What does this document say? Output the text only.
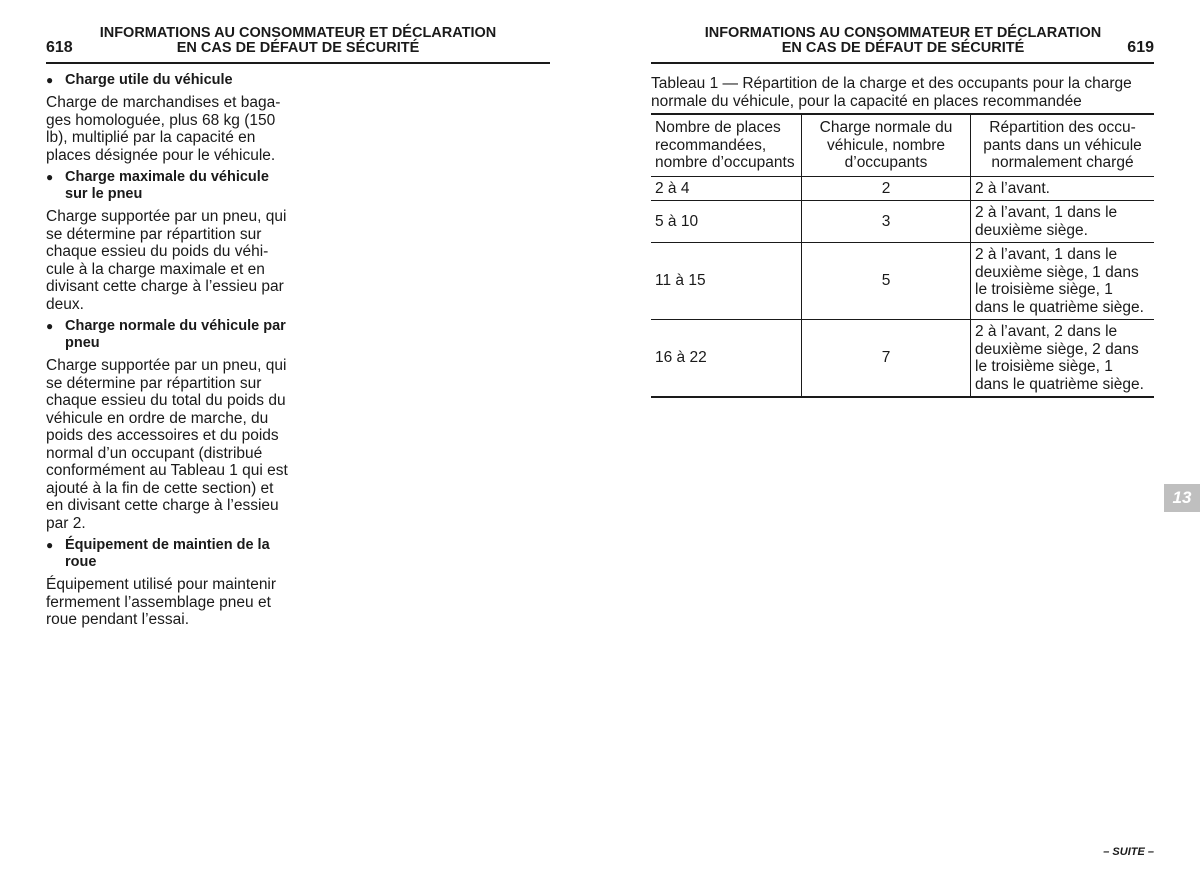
INFORMATIONS AU CONSOMMATEUR ET DÉCLARATION
EN CAS DE DÉFAUT DE SÉCURITÉ
618
● Charge utile du véhicule
Charge de marchandises et baga- ges homologuée, plus 68 kg (150 lb), multiplié par la capacité en places désignée pour le véhicule.
● Charge maximale du véhicule sur le pneu
Charge supportée par un pneu, qui se détermine par répartition sur chaque essieu du poids du véhi- cule à la charge maximale et en divisant cette charge à l’essieu par deux.
● Charge normale du véhicule par pneu
Charge supportée par un pneu, qui se détermine par répartition sur chaque essieu du total du poids du véhicule en ordre de marche, du poids des accessoires et du poids normal d’un occupant (distribué conformément au Tableau 1 qui est ajouté à la fin de cette section) et en divisant cette charge à l’essieu par 2.
● Équipement de maintien de la roue
Équipement utilisé pour maintenir fermement l’assemblage pneu et roue pendant l’essai.
INFORMATIONS AU CONSOMMATEUR ET DÉCLARATION
EN CAS DE DÉFAUT DE SÉCURITÉ	619
Tableau 1 — Répartition de la charge et des occupants pour la charge normale du véhicule, pour la capacité en places recommandée
Nombre de places recommandées, nombre d’occupants	Charge normale du véhicule, nombre d’occupants	Répartition des occu- pants dans un véhicule normalement chargé
2 à 4	2	2 à l’avant.
5 à 10	3	2 à l’avant, 1 dans le deuxième siège.
11 à 15	5	2 à l’avant, 1 dans le deuxième siège, 1 dans le troisième siège, 1 dans le quatrième siège.
16 à 22	7	2 à l’avant, 2 dans le deuxième siège, 2 dans le troisième siège, 1 dans le quatrième siège.
13
– SUITE –
